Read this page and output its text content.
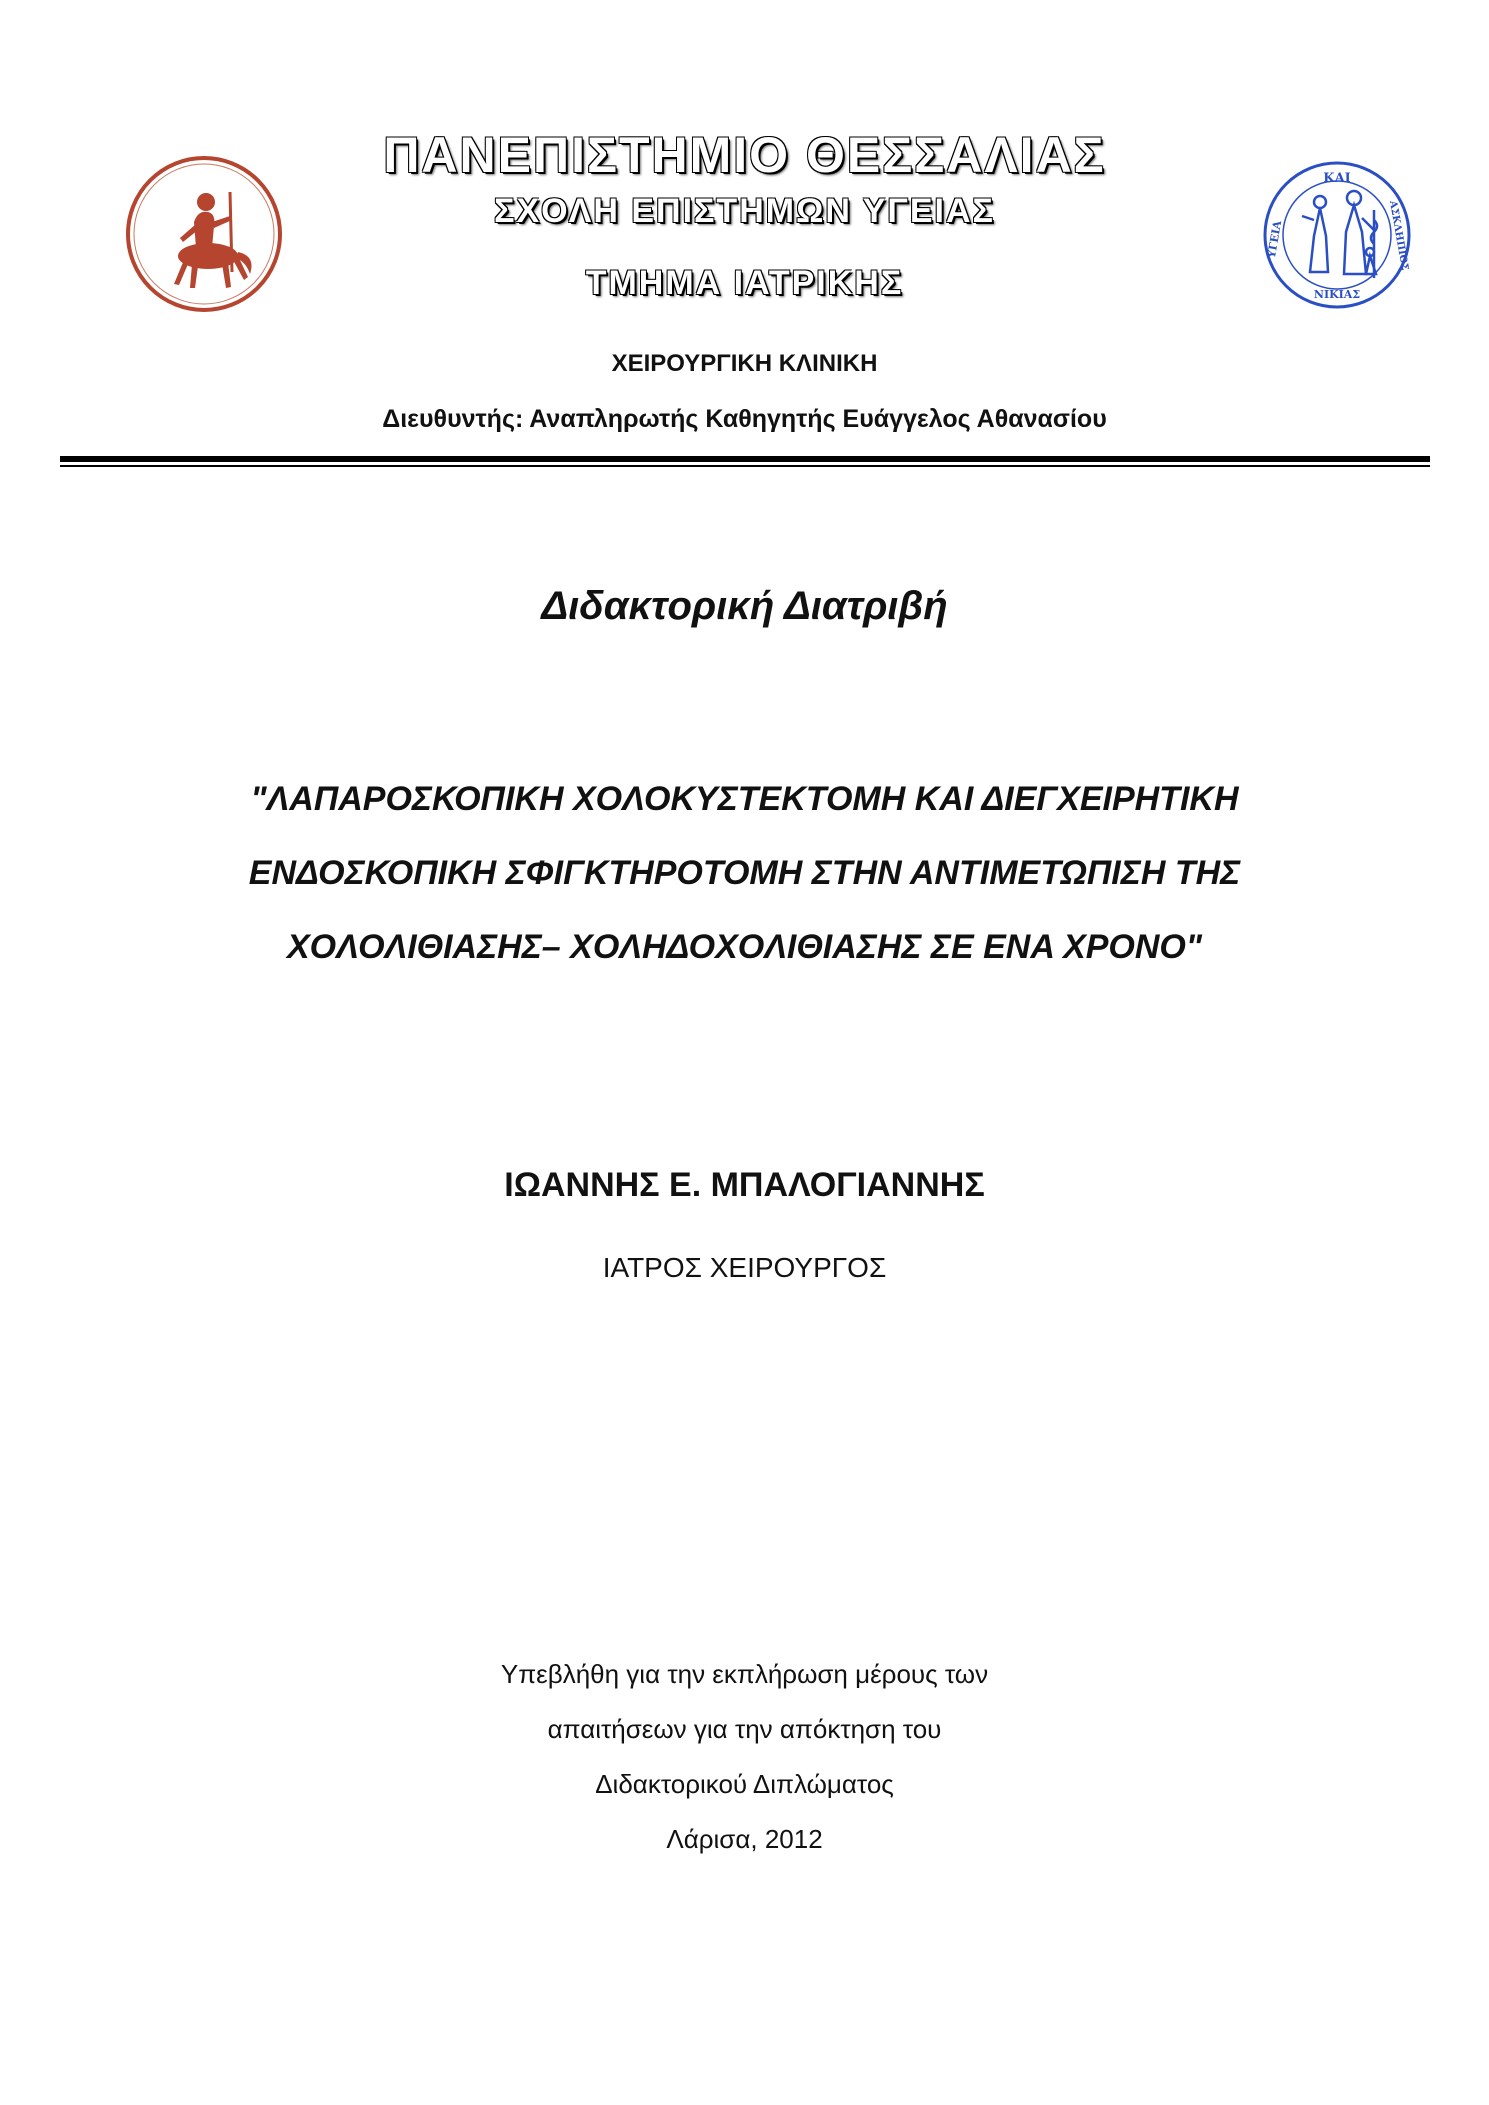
ΚΑΙ
ΥΓΕΙΑ	ΑΣΚΛΗΠΙΟΣ
ΝΙΚΙΑΣ
ΠΑΝΕΠΙΣΤΗΜΙΟ ΘΕΣΣΑΛΙΑΣ
ΣΧΟΛΗ ΕΠΙΣΤΗΜΩΝ ΥΓΕΙΑΣ
ΤΜΗΜΑ ΙΑΤΡΙΚΗΣ
ΧΕΙΡΟΥΡΓΙΚΗ ΚΛΙΝΙΚΗ
Διευθυντής: Αναπληρωτής Καθηγητής Ευάγγελος Αθανασίου
Διδακτορική Διατριβή
"ΛΑΠΑΡΟΣΚΟΠΙΚΗ ΧΟΛΟΚΥΣΤΕΚΤΟΜΗ ΚΑΙ ΔΙΕΓΧΕΙΡΗΤΙΚΗ
ΕΝΔΟΣΚΟΠΙΚΗ ΣΦΙΓΚΤΗΡΟΤΟΜΗ ΣΤΗΝ ΑΝΤΙΜΕΤΩΠΙΣΗ ΤΗΣ
ΧΟΛΟΛΙΘΙΑΣΗΣ– ΧΟΛΗΔΟΧΟΛΙΘΙΑΣΗΣ ΣΕ ΕΝΑ ΧΡΟΝΟ"
ΙΩΑΝΝΗΣ Ε. ΜΠΑΛΟΓΙΑΝΝΗΣ
ΙΑΤΡΟΣ ΧΕΙΡΟΥΡΓΟΣ
Υπεβλήθη για την εκπλήρωση μέρους των
απαιτήσεων για την απόκτηση του
Διδακτορικού Διπλώματος
Λάρισα, 2012
